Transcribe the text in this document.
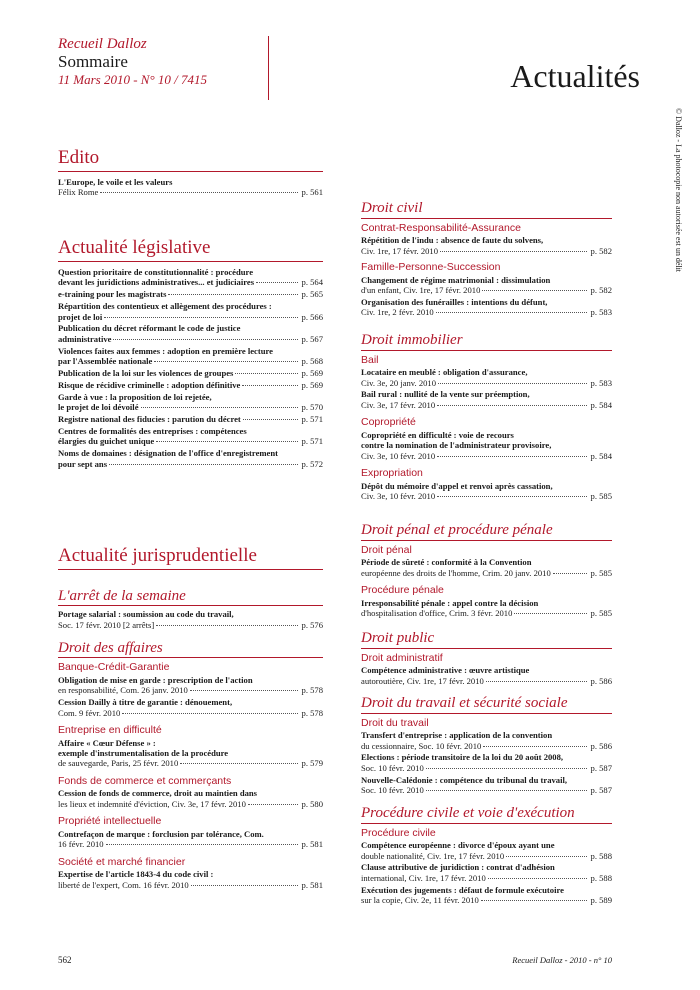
Recueil Dalloz
Sommaire
11 Mars 2010 - N° 10 / 7415	Actualités
© Dalloz - La photocopie non autorisée est un délit
Edito
L'Europe, le voile et les valeurs
Félix Rome	p. 561
Actualité législative
Question prioritaire de constitutionnalité : procédure
devant les juridictions administratives... et judiciaires	p. 564
e-training pour les magistrats	p. 565
Répartition des contentieux et allègement des procédures :
projet de loi	p. 566
Publication du décret réformant le code de justice
administrative	p. 567
Violences faites aux femmes : adoption en première lecture
par l'Assemblée nationale	p. 568
Publication de la loi sur les violences de groupes	p. 569
Risque de récidive criminelle : adoption définitive	p. 569
Garde à vue : la proposition de loi rejetée,
le projet de loi dévoilé	p. 570
Registre national des fiducies : parution du décret	p. 571
Centres de formalités des entreprises : compétences
élargies du guichet unique	p. 571
Noms de domaines : désignation de l'office d'enregistrement
pour sept ans	p. 572
Actualité jurisprudentielle
L'arrêt de la semaine
Portage salarial : soumission au code du travail,
Soc. 17 févr. 2010 [2 arrêts]	p. 576
Droit des affaires
Banque-Crédit-Garantie
Obligation de mise en garde : prescription de l'action
en responsabilité, Com. 26 janv. 2010	p. 578
Cession Dailly à titre de garantie : dénouement,
Com. 9 févr. 2010	p. 578
Entreprise en difficulté
Affaire « Cœur Défense » :
exemple d'instrumentalisation de la procédure
de sauvegarde, Paris, 25 févr. 2010	p. 579
Fonds de commerce et commerçants
Cession de fonds de commerce, droit au maintien dans
les lieux et indemnité d'éviction, Civ. 3e, 17 févr. 2010	p. 580
Propriété intellectuelle
Contrefaçon de marque : forclusion par tolérance, Com.
16 févr. 2010	p. 581
Société et marché financier
Expertise de l'article 1843-4 du code civil :
liberté de l'expert, Com. 16 févr. 2010	p. 581
Droit civil
Contrat-Responsabilité-Assurance
Répétition de l'indu : absence de faute du solvens,
Civ. 1re, 17 févr. 2010	p. 582
Famille-Personne-Succession
Changement de régime matrimonial : dissimulation
d'un enfant, Civ. 1re, 17 févr. 2010	p. 582
Organisation des funérailles : intentions du défunt,
Civ. 1re, 2 févr. 2010	p. 583
Droit immobilier
Bail
Locataire en meublé : obligation d'assurance,
Civ. 3e, 20 janv. 2010	p. 583
Bail rural : nullité de la vente sur préemption,
Civ. 3e, 17 févr. 2010	p. 584
Copropriété
Copropriété en difficulté : voie de recours
contre la nomination de l'administrateur provisoire,
Civ. 3e, 10 févr. 2010	p. 584
Expropriation
Dépôt du mémoire d'appel et renvoi après cassation,
Civ. 3e, 10 févr. 2010	p. 585
Droit pénal et procédure pénale
Droit pénal
Période de sûreté : conformité à la Convention
européenne des droits de l'homme, Crim. 20 janv. 2010	p. 585
Procédure pénale
Irresponsabilité pénale : appel contre la décision
d'hospitalisation d'office, Crim. 3 févr. 2010	p. 585
Droit public
Droit administratif
Compétence administrative : œuvre artistique
autoroutière, Civ. 1re, 17 févr. 2010	p. 586
Droit du travail et sécurité sociale
Droit du travail
Transfert d'entreprise : application de la convention
du cessionnaire, Soc. 10 févr. 2010	p. 586
Elections : période transitoire de la loi du 20 août 2008,
Soc. 10 févr. 2010	p. 587
Nouvelle-Calédonie : compétence du tribunal du travail,
Soc. 10 févr. 2010	p. 587
Procédure civile et voie d'exécution
Procédure civile
Compétence européenne : divorce d'époux ayant une
double nationalité, Civ. 1re, 17 févr. 2010	p. 588
Clause attributive de juridiction : contrat d'adhésion
international, Civ. 1re, 17 févr. 2010	p. 588
Exécution des jugements : défaut de formule exécutoire
sur la copie, Civ. 2e, 11 févr. 2010	p. 589
562	Recueil Dalloz - 2010 - n° 10
